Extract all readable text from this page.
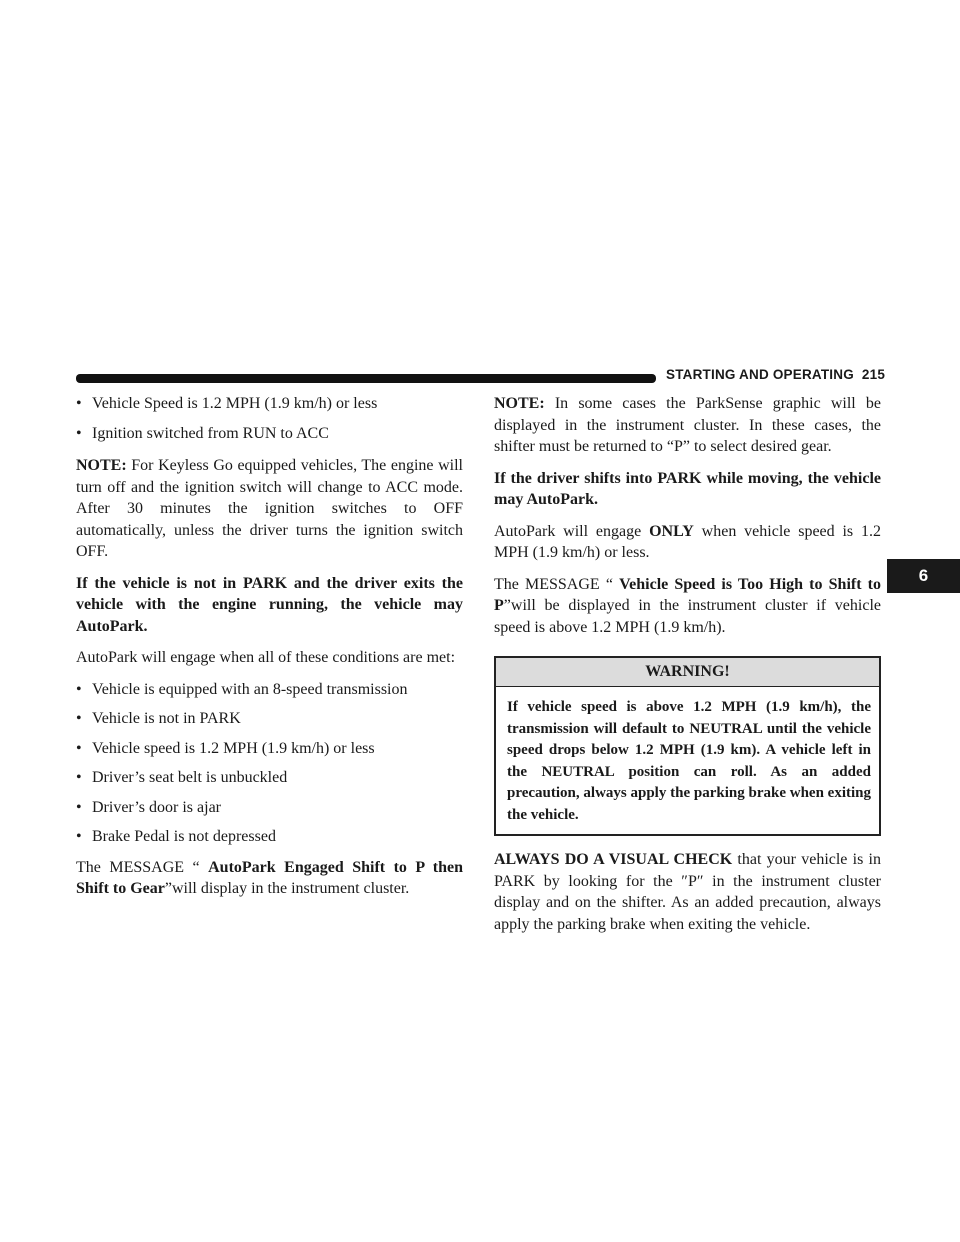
STARTING AND OPERATING 215
6
• Vehicle Speed is 1.2 MPH (1.9 km/h) or less
• Ignition switched from RUN to ACC

NOTE: For Keyless Go equipped vehicles, The engine will turn off and the ignition switch will change to ACC mode. After 30 minutes the ignition switches to OFF automatically, unless the driver turns the ignition switch OFF.

If the vehicle is not in PARK and the driver exits the vehicle with the engine running, the vehicle may AutoPark.

AutoPark will engage when all of these conditions are met:

• Vehicle is equipped with an 8-speed transmission
• Vehicle is not in PARK
• Vehicle speed is 1.2 MPH (1.9 km/h) or less
• Driver’s seat belt is unbuckled
• Driver’s door is ajar
• Brake Pedal is not depressed

The MESSAGE “ AutoPark Engaged Shift to P then Shift to Gear”will display in the instrument cluster.

NOTE: In some cases the ParkSense graphic will be displayed in the instrument cluster. In these cases, the shifter must be returned to “P” to select desired gear.

If the driver shifts into PARK while moving, the vehicle may AutoPark.

AutoPark will engage ONLY when vehicle speed is 1.2 MPH (1.9 km/h) or less.

The MESSAGE “ Vehicle Speed is Too High to Shift to P”will be displayed in the instrument cluster if vehicle speed is above 1.2 MPH (1.9 km/h).

WARNING!
If vehicle speed is above 1.2 MPH (1.9 km/h), the transmission will default to NEUTRAL until the vehicle speed drops below 1.2 MPH (1.9 km). A vehicle left in the NEUTRAL position can roll. As an added precaution, always apply the parking brake when exiting the vehicle.

ALWAYS DO A VISUAL CHECK that your vehicle is in PARK by looking for the ″P″ in the instrument cluster display and on the shifter. As an added precaution, always apply the parking brake when exiting the vehicle.
